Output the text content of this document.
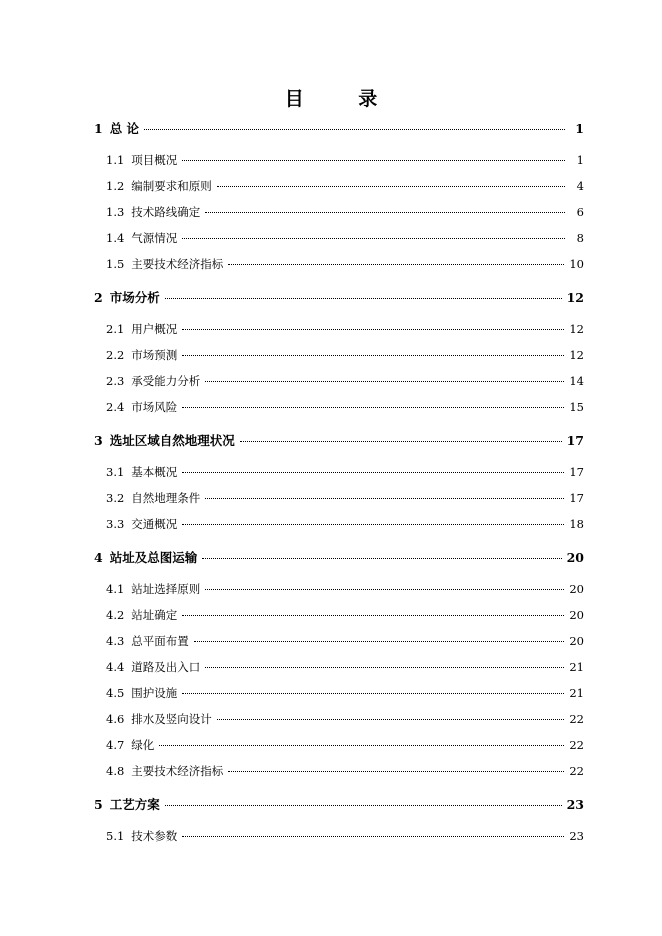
目 录
1 总 论	1
1.1 项目概况	1
1.2 编制要求和原则	4
1.3 技术路线确定	6
1.4 气源情况	8
1.5 主要技术经济指标	10
2 市场分析	12
2.1 用户概况	12
2.2 市场预测	12
2.3 承受能力分析	14
2.4 市场风险	15
3 选址区域自然地理状况	17
3.1 基本概况	17
3.2 自然地理条件	17
3.3 交通概况	18
4 站址及总图运输	20
4.1 站址选择原则	20
4.2 站址确定	20
4.3 总平面布置	20
4.4 道路及出入口	21
4.5 围护设施	21
4.6 排水及竖向设计	22
4.7 绿化	22
4.8 主要技术经济指标	22
5 工艺方案	23
5.1 技术参数	23
